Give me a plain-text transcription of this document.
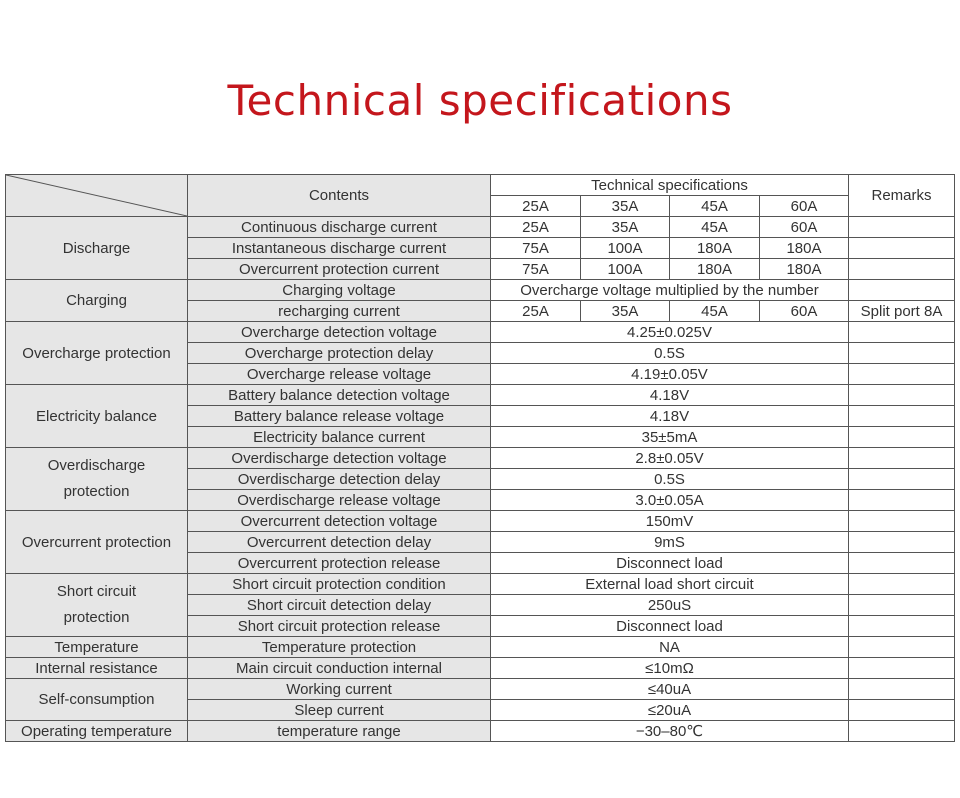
Technical specifications
	Contents	Technical specifications				Remarks
		25A	35A	45A	60A	
Discharge	Continuous discharge current	25A	35A	45A	60A	
	Instantaneous discharge current	75A	100A	180A	180A	
	Overcurrent protection current	75A	100A	180A	180A	
Charging	Charging voltage	Overcharge voltage multiplied by the number				
	recharging current	25A	35A	45A	60A	Split port 8A
Overcharge protection	Overcharge detection voltage	4.25±0.025V				
	Overcharge protection delay	0.5S				
	Overcharge release voltage	4.19±0.05V				
Electricity balance	Battery balance detection voltage	4.18V				
	Battery balance release voltage	4.18V				
	Electricity balance current	35±5mA				

Overdischarge
protection	Overdischarge detection voltage	2.8±0.05V				
	Overdischarge detection delay	0.5S				
	Overdischarge release voltage	3.0±0.05A				
Overcurrent protection	Overcurrent detection voltage	150mV				
	Overcurrent detection delay	9mS				
	Overcurrent protection release	Disconnect load				

Short circuit
protection	Short circuit protection condition	External load short circuit				
	Short circuit detection delay	250uS				
	Short circuit protection release	Disconnect load				
Temperature	Temperature protection	NA				
Internal resistance	Main circuit conduction internal	≤10mΩ				
Self-consumption	Working current	≤40uA				
	Sleep current	≤20uA				
Operating temperature	temperature range	−30–80℃				
